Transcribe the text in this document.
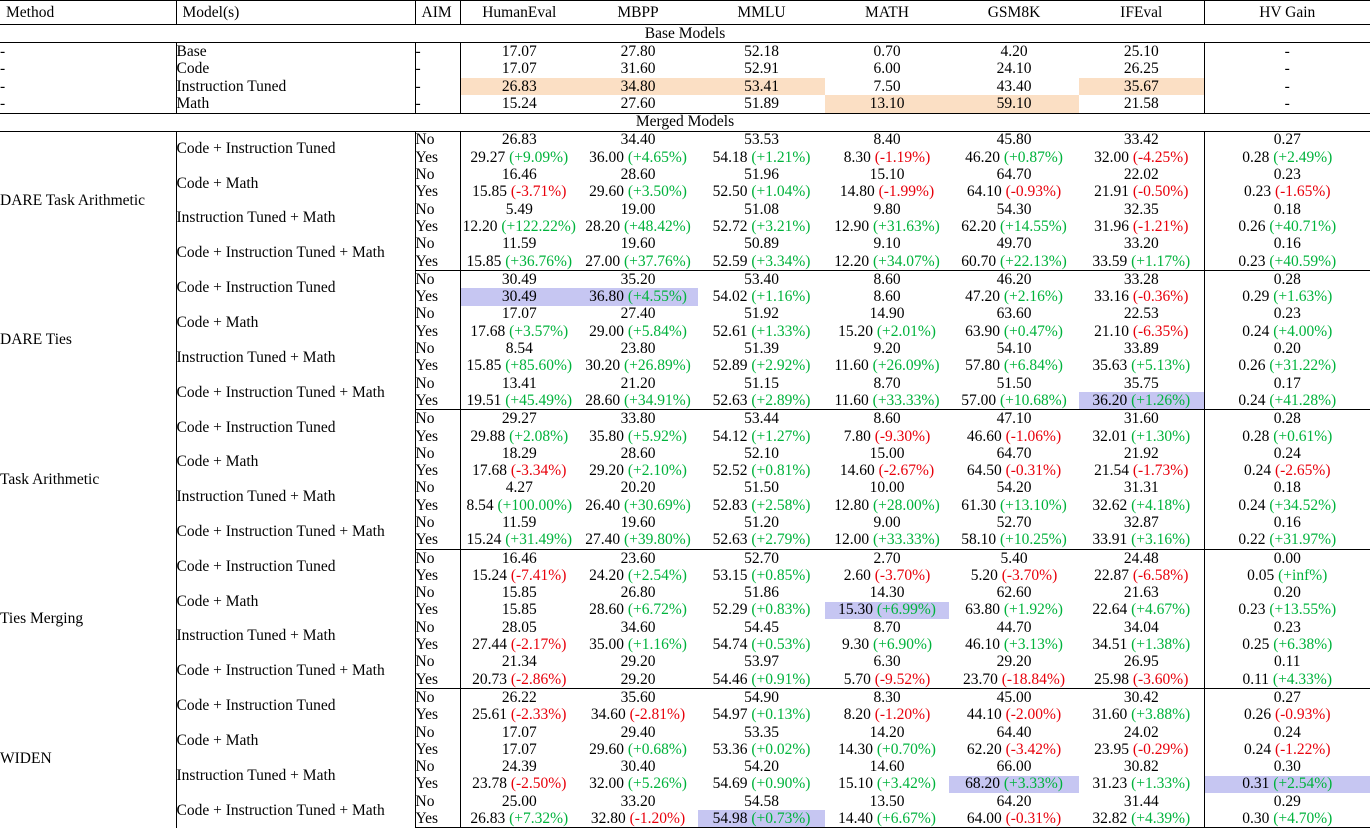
Method	Model(s)	AIM	HumanEval	MBPP	MMLU	MATH	GSM8K	IFEval	HV Gain
Base Models									
-	Base	-	17.07	27.80	52.18	0.70	4.20	25.10	-
-	Code	-	17.07	31.60	52.91	6.00	24.10	26.25	-
-	Instruction Tuned	-	26.83	34.80	53.41	7.50	43.40	35.67	-
-	Math	-	15.24	27.60	51.89	13.10	59.10	21.58	-
Merged Models									
DARE Task Arithmetic	Code + Instruction Tuned	No	26.83	34.40	53.53	8.40	45.80	33.42	0.27
		Yes	29.27 (+9.09%)	36.00 (+4.65%)	54.18 (+1.21%)	8.30 (-1.19%)	46.20 (+0.87%)	32.00 (-4.25%)	0.28 (+2.49%)
	Code + Math	No	16.46	28.60	51.96	15.10	64.70	22.02	0.23
		Yes	15.85 (-3.71%)	29.60 (+3.50%)	52.50 (+1.04%)	14.80 (-1.99%)	64.10 (-0.93%)	21.91 (-0.50%)	0.23 (-1.65%)
	Instruction Tuned + Math	No	5.49	19.00	51.08	9.80	54.30	32.35	0.18
		Yes	12.20 (+122.22%)	28.20 (+48.42%)	52.72 (+3.21%)	12.90 (+31.63%)	62.20 (+14.55%)	31.96 (-1.21%)	0.26 (+40.71%)
	Code + Instruction Tuned + Math	No	11.59	19.60	50.89	9.10	49.70	33.20	0.16
		Yes	15.85 (+36.76%)	27.00 (+37.76%)	52.59 (+3.34%)	12.20 (+34.07%)	60.70 (+22.13%)	33.59 (+1.17%)	0.23 (+40.59%)
DARE Ties	Code + Instruction Tuned	No	30.49	35.20	53.40	8.60	46.20	33.28	0.28
		Yes	30.49	36.80 (+4.55%)	54.02 (+1.16%)	8.60	47.20 (+2.16%)	33.16 (-0.36%)	0.29 (+1.63%)
	Code + Math	No	17.07	27.40	51.92	14.90	63.60	22.53	0.23
		Yes	17.68 (+3.57%)	29.00 (+5.84%)	52.61 (+1.33%)	15.20 (+2.01%)	63.90 (+0.47%)	21.10 (-6.35%)	0.24 (+4.00%)
	Instruction Tuned + Math	No	8.54	23.80	51.39	9.20	54.10	33.89	0.20
		Yes	15.85 (+85.60%)	30.20 (+26.89%)	52.89 (+2.92%)	11.60 (+26.09%)	57.80 (+6.84%)	35.63 (+5.13%)	0.26 (+31.22%)
	Code + Instruction Tuned + Math	No	13.41	21.20	51.15	8.70	51.50	35.75	0.17
		Yes	19.51 (+45.49%)	28.60 (+34.91%)	52.63 (+2.89%)	11.60 (+33.33%)	57.00 (+10.68%)	36.20 (+1.26%)	0.24 (+41.28%)
Task Arithmetic	Code + Instruction Tuned	No	29.27	33.80	53.44	8.60	47.10	31.60	0.28
		Yes	29.88 (+2.08%)	35.80 (+5.92%)	54.12 (+1.27%)	7.80 (-9.30%)	46.60 (-1.06%)	32.01 (+1.30%)	0.28 (+0.61%)
	Code + Math	No	18.29	28.60	52.10	15.00	64.70	21.92	0.24
		Yes	17.68 (-3.34%)	29.20 (+2.10%)	52.52 (+0.81%)	14.60 (-2.67%)	64.50 (-0.31%)	21.54 (-1.73%)	0.24 (-2.65%)
	Instruction Tuned + Math	No	4.27	20.20	51.50	10.00	54.20	31.31	0.18
		Yes	8.54 (+100.00%)	26.40 (+30.69%)	52.83 (+2.58%)	12.80 (+28.00%)	61.30 (+13.10%)	32.62 (+4.18%)	0.24 (+34.52%)
	Code + Instruction Tuned + Math	No	11.59	19.60	51.20	9.00	52.70	32.87	0.16
		Yes	15.24 (+31.49%)	27.40 (+39.80%)	52.63 (+2.79%)	12.00 (+33.33%)	58.10 (+10.25%)	33.91 (+3.16%)	0.22 (+31.97%)
Ties Merging	Code + Instruction Tuned	No	16.46	23.60	52.70	2.70	5.40	24.48	0.00
		Yes	15.24 (-7.41%)	24.20 (+2.54%)	53.15 (+0.85%)	2.60 (-3.70%)	5.20 (-3.70%)	22.87 (-6.58%)	0.05 (+inf%)
	Code + Math	No	15.85	26.80	51.86	14.30	62.60	21.63	0.20
		Yes	15.85	28.60 (+6.72%)	52.29 (+0.83%)	15.30 (+6.99%)	63.80 (+1.92%)	22.64 (+4.67%)	0.23 (+13.55%)
	Instruction Tuned + Math	No	28.05	34.60	54.45	8.70	44.70	34.04	0.23
		Yes	27.44 (-2.17%)	35.00 (+1.16%)	54.74 (+0.53%)	9.30 (+6.90%)	46.10 (+3.13%)	34.51 (+1.38%)	0.25 (+6.38%)
	Code + Instruction Tuned + Math	No	21.34	29.20	53.97	6.30	29.20	26.95	0.11
		Yes	20.73 (-2.86%)	29.20	54.46 (+0.91%)	5.70 (-9.52%)	23.70 (-18.84%)	25.98 (-3.60%)	0.11 (+4.33%)
WIDEN	Code + Instruction Tuned	No	26.22	35.60	54.90	8.30	45.00	30.42	0.27
		Yes	25.61 (-2.33%)	34.60 (-2.81%)	54.97 (+0.13%)	8.20 (-1.20%)	44.10 (-2.00%)	31.60 (+3.88%)	0.26 (-0.93%)
	Code + Math	No	17.07	29.40	53.35	14.20	64.40	24.02	0.24
		Yes	17.07	29.60 (+0.68%)	53.36 (+0.02%)	14.30 (+0.70%)	62.20 (-3.42%)	23.95 (-0.29%)	0.24 (-1.22%)
	Instruction Tuned + Math	No	24.39	30.40	54.20	14.60	66.00	30.82	0.30
		Yes	23.78 (-2.50%)	32.00 (+5.26%)	54.69 (+0.90%)	15.10 (+3.42%)	68.20 (+3.33%)	31.23 (+1.33%)	0.31 (+2.54%)
	Code + Instruction Tuned + Math	No	25.00	33.20	54.58	13.50	64.20	31.44	0.29
		Yes	26.83 (+7.32%)	32.80 (-1.20%)	54.98 (+0.73%)	14.40 (+6.67%)	64.00 (-0.31%)	32.82 (+4.39%)	0.30 (+4.70%)
